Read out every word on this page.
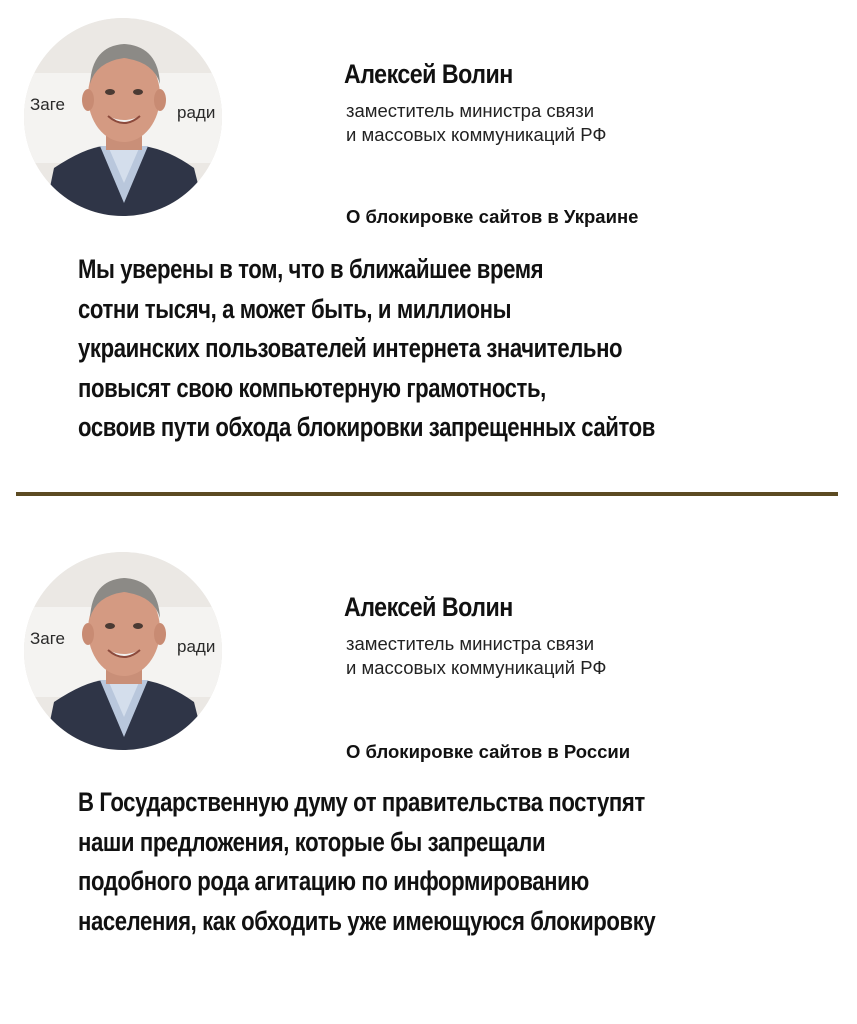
Заге	ради
Алексей Волин
заместитель министра связи
и массовых коммуникаций РФ
О блокировке сайтов в Украине
Мы уверены в том, что в ближайшее время
сотни тысяч, а может быть, и миллионы
украинских пользователей интернета значительно
повысят свою компьютерную грамотность,
освоив пути обхода блокировки запрещенных сайтов
Заге	ради
Алексей Волин
заместитель министра связи
и массовых коммуникаций РФ
О блокировке сайтов в России
В Государственную думу от правительства поступят
наши предложения, которые бы запрещали
подобного рода агитацию по информированию
населения, как обходить уже имеющуюся блокировку
